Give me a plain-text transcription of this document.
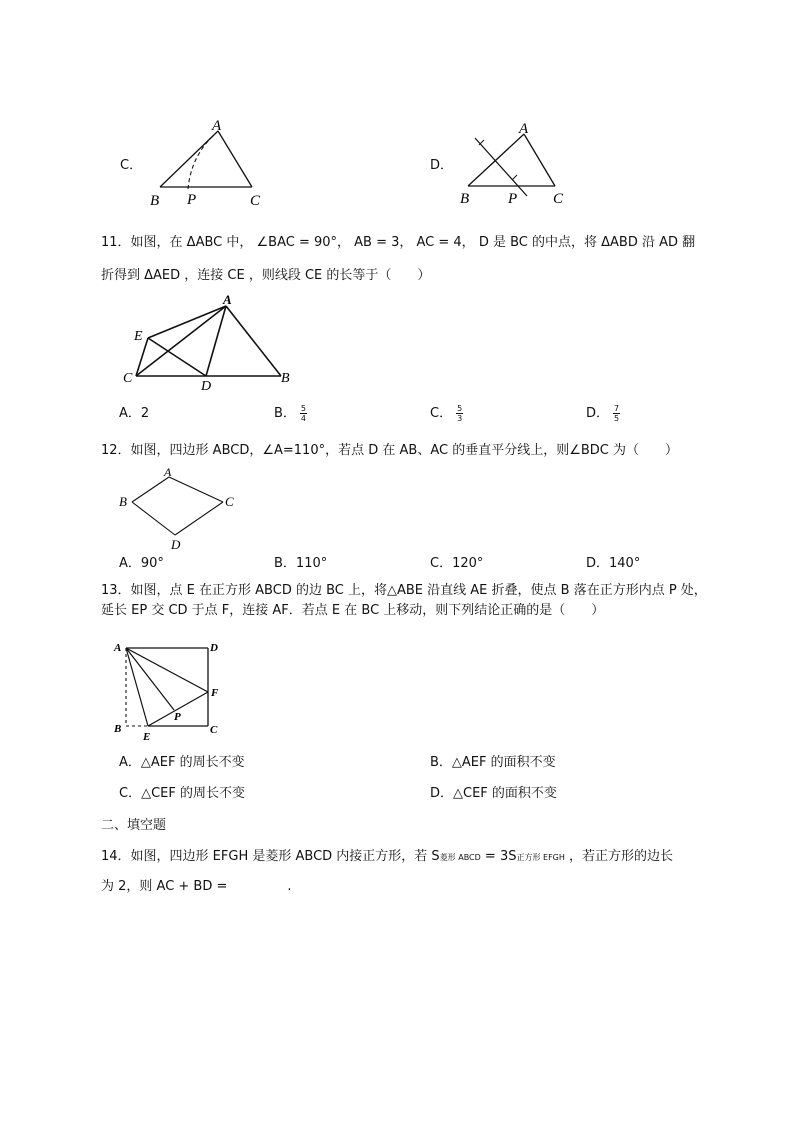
C．
A
B P	C
D．
A
B	P C
11．如图，在 ΔABC 中， ∠BAC = 90°， AB = 3， AC = 4， D 是 BC 的中点，将 ΔABD 沿 AD 翻
折得到 ΔAED ，连接 CE ，则线段 CE 的长等于（　　）
A
E
C
D
B
A．2	B． $\frac{5}{4}$	C． $\frac{5}{3}$	D． $\frac{7}{5}$
12．如图，四边形 ABCD，∠A=110°，若点 D 在 AB、AC 的垂直平分线上，则∠BDC 为（　　）
A
B	C
D
A．90°	B．110°	C．120°	D．140°
13．如图，点 E 在正方形 ABCD 的边 BC 上，将△ABE 沿直线 AE 折叠，使点 B 落在正方形内点 P 处，
延长 EP 交 CD 于点 F，连接 AF．若点 E 在 BC 上移动，则下列结论正确的是（　　）
A	D
F
B	C
P
E
A．△AEF 的周长不变	B．△AEF 的面积不变
C．△CEF 的周长不变	D．△CEF 的面积不变
二、填空题
14．如图，四边形 EFGH 是菱形 ABCD 内接正方形，若 S菱形 ABCD = 3S正方形 EFGH ，若正方形的边长
为 2，则 AC + BD =	.
